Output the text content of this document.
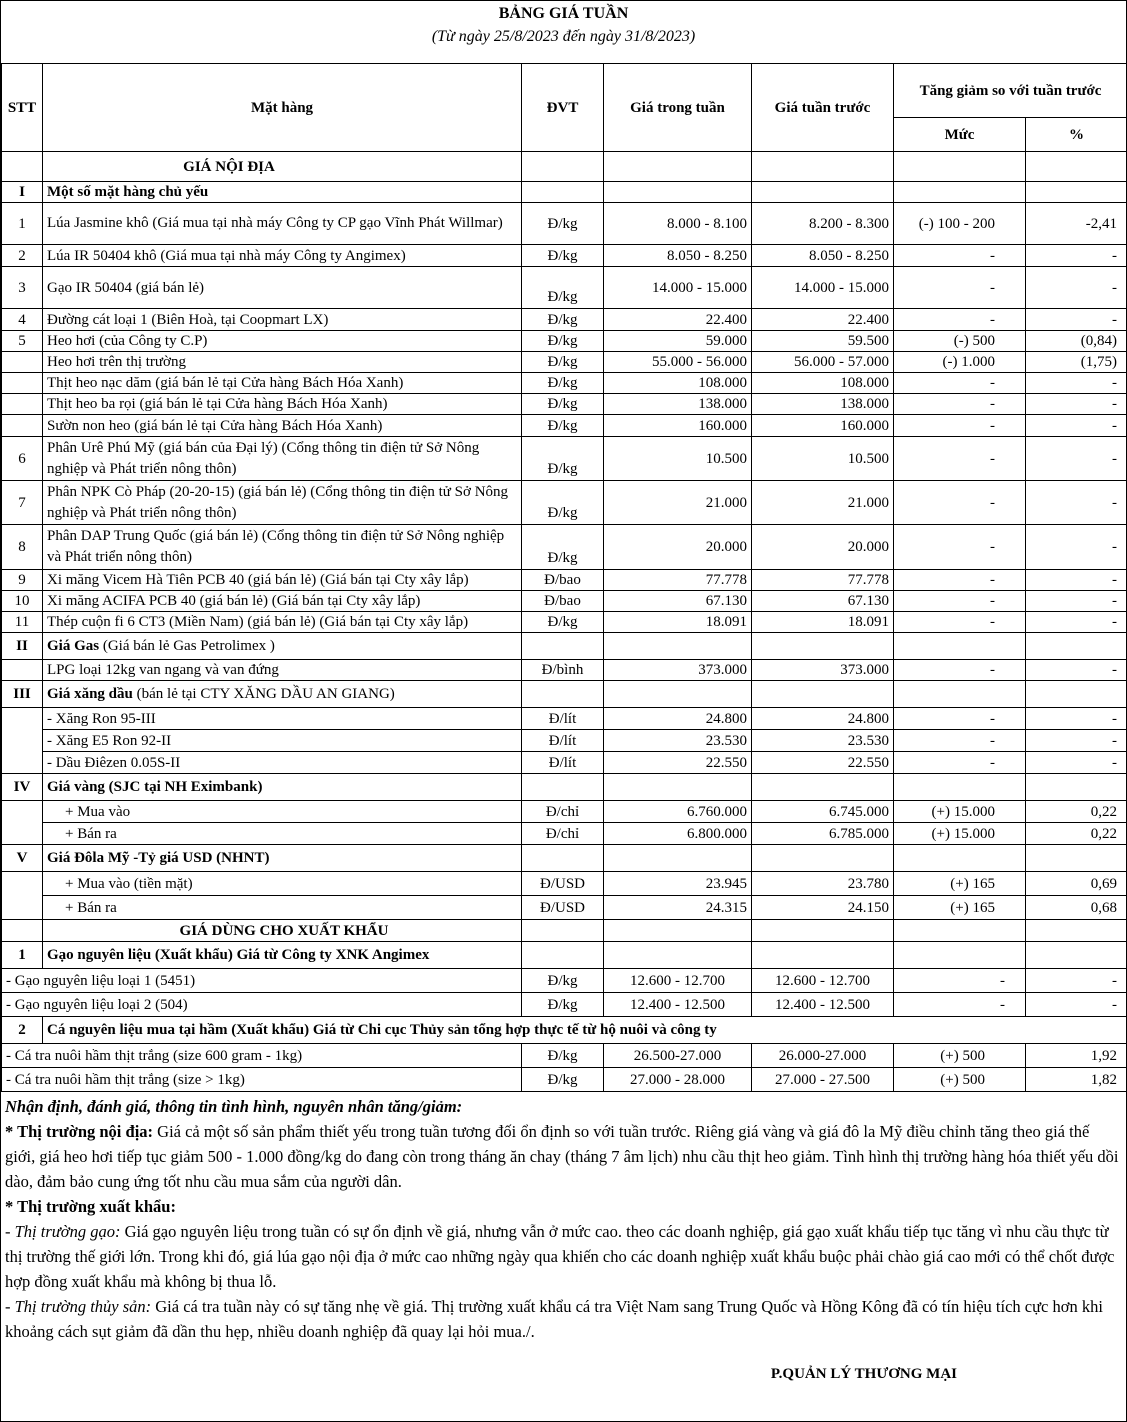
BẢNG GIÁ TUẦN
(Từ ngày 25/8/2023 đến ngày 31/8/2023)
STT	Mặt hàng	ĐVT	Giá trong tuần	Giá tuần trước	Tăng giảm so với tuần trước	
					Mức	%
	GIÁ NỘI ĐỊA					
I	Một số mặt hàng chủ yếu					
1	Lúa Jasmine khô (Giá mua tại nhà máy Công ty CP gạo Vĩnh Phát Willmar)	Đ/kg	8.000 - 8.100	8.200 - 8.300	(-) 100 - 200	-2,41
2	Lúa IR 50404 khô (Giá mua tại nhà máy Công ty Angimex)	Đ/kg	8.050 - 8.250	8.050 - 8.250	-	-
3	Gạo IR 50404 (giá bán lẻ)	Đ/kg	14.000 - 15.000	14.000 - 15.000	-	-
4	Đường cát loại 1 (Biên Hoà, tại Coopmart LX)	Đ/kg	22.400	22.400	-	-
5	Heo hơi (của Công ty C.P)	Đ/kg	59.000	59.500	(-) 500	(0,84)
	Heo hơi trên thị trường	Đ/kg	55.000 - 56.000	56.000 - 57.000	(-) 1.000	(1,75)
	Thịt heo nạc dăm (giá bán lẻ tại Cửa hàng Bách Hóa Xanh)	Đ/kg	108.000	108.000	-	-
	Thịt heo ba rọi (giá bán lẻ tại Cửa hàng Bách Hóa Xanh)	Đ/kg	138.000	138.000	-	-
	Sườn non heo (giá bán lẻ tại Cửa hàng Bách Hóa Xanh)	Đ/kg	160.000	160.000	-	-
6	Phân Urê Phú Mỹ (giá bán của Đại lý) (Cổng thông tin điện tử Sở Nông nghiệp và Phát triển nông thôn)	Đ/kg	10.500	10.500	-	-
7	Phân NPK Cò Pháp (20-20-15) (giá bán lẻ) (Cổng thông tin điện tử Sở Nông nghiệp và Phát triển nông thôn)	Đ/kg	21.000	21.000	-	-
8	Phân DAP Trung Quốc (giá bán lẻ) (Cổng thông tin điện tử Sở Nông nghiệp và Phát triển nông thôn)	Đ/kg	20.000	20.000	-	-
9	Xi măng Vicem Hà Tiên PCB 40 (giá bán lẻ) (Giá bán tại Cty xây lắp)	Đ/bao	77.778	77.778	-	-
10	Xi măng ACIFA PCB 40 (giá bán lẻ) (Giá bán tại Cty xây lắp)	Đ/bao	67.130	67.130	-	-
11	Thép cuộn fi 6 CT3 (Miền Nam) (giá bán lẻ) (Giá bán tại Cty xây lắp)	Đ/kg	18.091	18.091	-	-
II	Giá Gas (Giá bán lẻ Gas Petrolimex )					
	LPG loại 12kg van ngang và van đứng	Đ/bình	373.000	373.000	-	-
III	Giá xăng dầu (bán lẻ tại CTY XĂNG DẦU AN GIANG)					
	- Xăng Ron 95-III	Đ/lít	24.800	24.800	-	-
	- Xăng E5 Ron 92-II	Đ/lít	23.530	23.530	-	-
	- Dầu Điêzen 0.05S-II	Đ/lít	22.550	22.550	-	-
IV	Giá vàng (SJC tại NH Eximbank)					
	+ Mua vào	Đ/chỉ	6.760.000	6.745.000	(+) 15.000	0,22
	+ Bán ra	Đ/chỉ	6.800.000	6.785.000	(+) 15.000	0,22
V	Giá Đôla Mỹ -Tỷ giá USD (NHNT)					
	+ Mua vào (tiền mặt)	Đ/USD	23.945	23.780	(+) 165	0,69
	+ Bán ra	Đ/USD	24.315	24.150	(+) 165	0,68
	GIÁ DÙNG CHO XUẤT KHẨU					
1	Gạo nguyên liệu (Xuất khẩu) Giá từ Công ty XNK Angimex					
- Gạo nguyên liệu loại 1 (5451)		Đ/kg	12.600 - 12.700	12.600 - 12.700	-	-
- Gạo nguyên liệu loại 2 (504)		Đ/kg	12.400 - 12.500	12.400 - 12.500	-	-
2	Cá nguyên liệu mua tại hầm (Xuất khẩu) Giá từ Chi cục Thủy sản tổng hợp thực tế từ hộ nuôi và công ty					
- Cá tra nuôi hầm thịt trắng (size 600 gram - 1kg)		Đ/kg	26.500-27.000	26.000-27.000	(+) 500	1,92
- Cá tra nuôi hầm thịt trắng (size > 1kg)		Đ/kg	27.000 - 28.000	27.000 - 27.500	(+) 500	1,82

Nhận định, đánh giá, thông tin tình hình, nguyên nhân tăng/giảm:

* Thị trường nội địa: Giá cả một số sản phẩm thiết yếu trong tuần tương đối ổn định so với tuần trước. Riêng giá vàng và giá đô la Mỹ điều chỉnh tăng theo giá thế giới, giá heo hơi tiếp tục giảm 500 - 1.000 đồng/kg do đang còn trong tháng ăn chay (tháng 7 âm lịch) nhu cầu thịt heo giảm. Tình hình thị trường hàng hóa thiết yếu dồi dào, đảm bảo cung ứng tốt nhu cầu mua sắm của người dân.

* Thị trường xuất khẩu:

- Thị trường gạo: Giá gạo nguyên liệu trong tuần có sự ổn định về giá, nhưng vẫn ở mức cao. theo các doanh nghiệp, giá gạo xuất khẩu tiếp tục tăng vì nhu cầu thực từ thị trường thế giới lớn. Trong khi đó, giá lúa gạo nội địa ở mức cao những ngày qua khiến cho các doanh nghiệp xuất khẩu buộc phải chào giá cao mới có thể chốt được hợp đồng xuất khẩu mà không bị thua lỗ.

- Thị trường thủy sản: Giá cá tra tuần này có sự tăng nhẹ về giá. Thị trường xuất khẩu cá tra Việt Nam sang Trung Quốc và Hồng Kông đã có tín hiệu tích cực hơn khi khoảng cách sụt giảm đã dần thu hẹp, nhiều doanh nghiệp đã quay lại hỏi mua./.

P.QUẢN LÝ THƯƠNG MẠI
